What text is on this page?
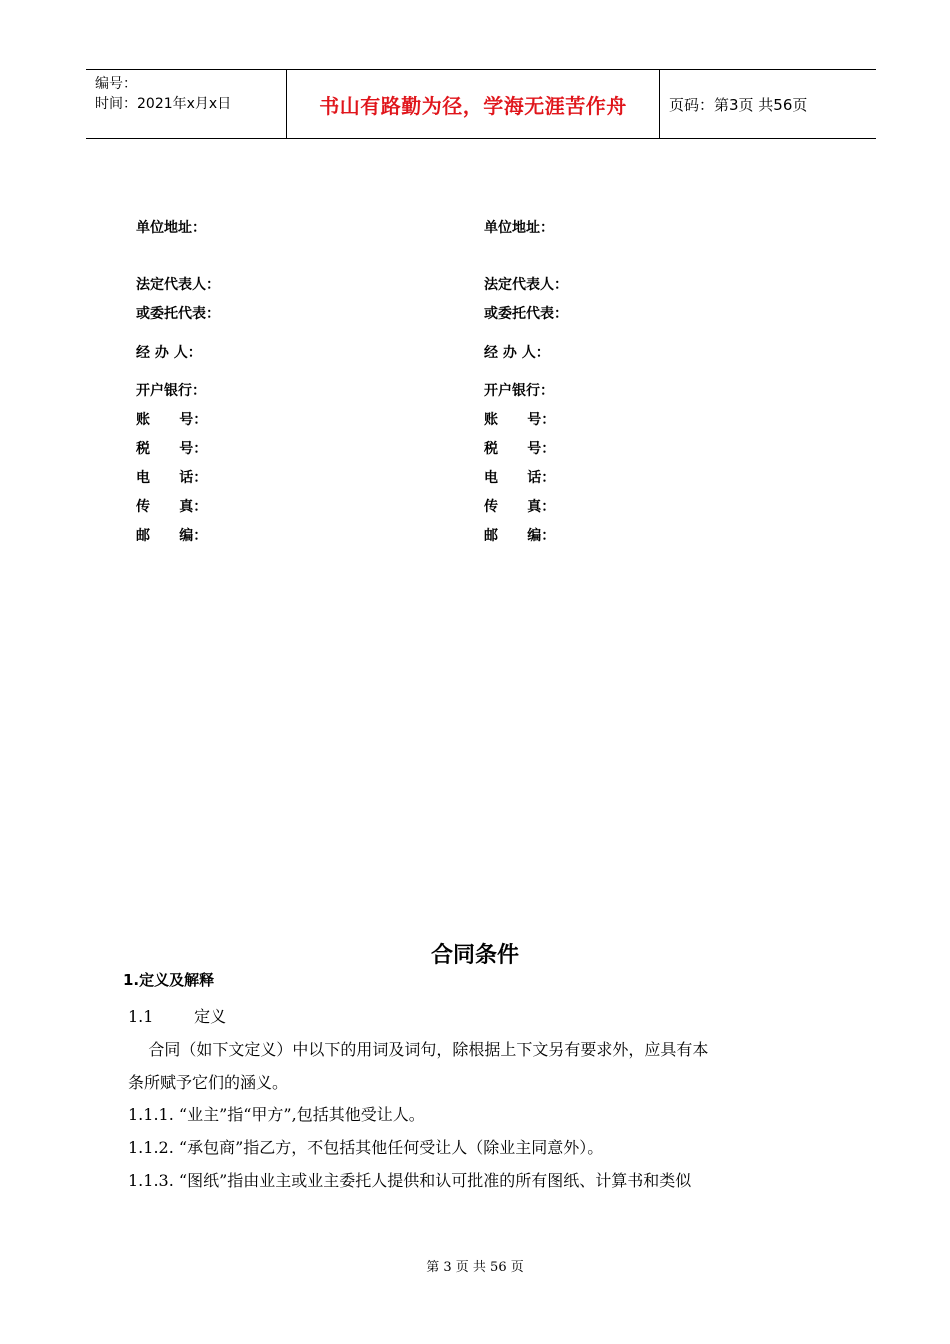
编号：
时间：2021年x月x日	书山有路勤为径，学海无涯苦作舟	页码：第3页 共56页
单位地址：
法定代表人：
或委托代表：
经 办 人：
开户银行：
账      号：
税      号：
电      话：
传      真：
邮      编：
单位地址：
法定代表人：
或委托代表：
经 办 人：
开户银行：
账      号：
税      号：
电      话：
传      真：
邮      编：
合同条件
1.定义及解释
1.1        定义
合同（如下文定义）中以下的用词及词句，除根据上下文另有要求外，应具有本
条所赋予它们的涵义。
1.1.1. “业主”指“甲方”,包括其他受让人。
1.1.2. “承包商”指乙方，不包括其他任何受让人（除业主同意外）。
1.1.3. “图纸”指由业主或业主委托人提供和认可批准的所有图纸、计算书和类似
第 3 页 共 56 页
